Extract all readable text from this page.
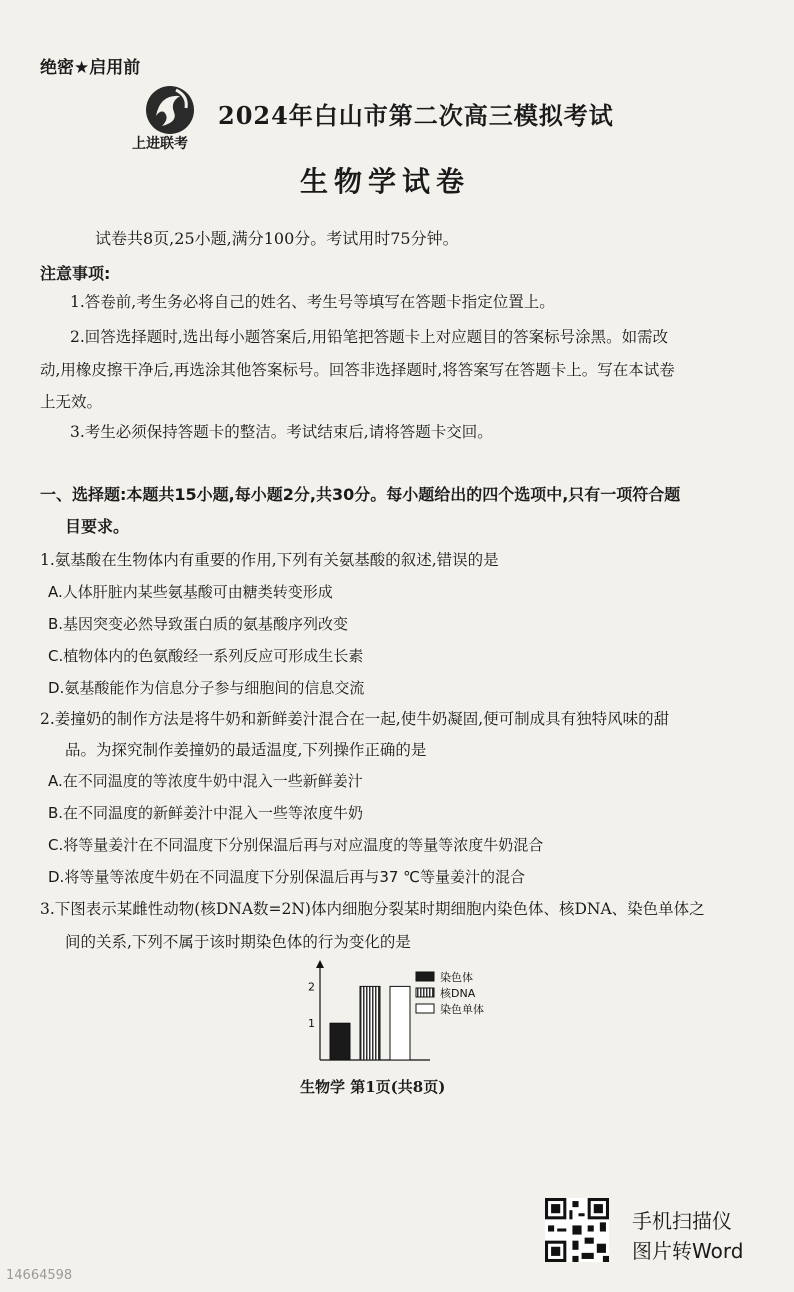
绝密★启用前
上进联考
2024年白山市第二次高三模拟考试
生物学试卷
试卷共8页,25小题,满分100分。考试用时75分钟。
注意事项:
1.答卷前,考生务必将自己的姓名、考生号等填写在答题卡指定位置上。
2.回答选择题时,选出每小题答案后,用铅笔把答题卡上对应题目的答案标号涂黑。如需改
动,用橡皮擦干净后,再选涂其他答案标号。回答非选择题时,将答案写在答题卡上。写在本试卷
上无效。
3.考生必须保持答题卡的整洁。考试结束后,请将答题卡交回。
一、选择题:本题共15小题,每小题2分,共30分。每小题给出的四个选项中,只有一项符合题
目要求。
1.氨基酸在生物体内有重要的作用,下列有关氨基酸的叙述,错误的是
A.人体肝脏内某些氨基酸可由糖类转变形成
B.基因突变必然导致蛋白质的氨基酸序列改变
C.植物体内的色氨酸经一系列反应可形成生长素
D.氨基酸能作为信息分子参与细胞间的信息交流
2.姜撞奶的制作方法是将牛奶和新鲜姜汁混合在一起,使牛奶凝固,便可制成具有独特风味的甜
品。为探究制作姜撞奶的最适温度,下列操作正确的是
A.在不同温度的等浓度牛奶中混入一些新鲜姜汁
B.在不同温度的新鲜姜汁中混入一些等浓度牛奶
C.将等量姜汁在不同温度下分别保温后再与对应温度的等量等浓度牛奶混合
D.将等量等浓度牛奶在不同温度下分别保温后再与37 ℃等量姜汁的混合
3.下图表示某雌性动物(核DNA数=2N)体内细胞分裂某时期细胞内染色体、核DNA、染色单体之
间的关系,下列不属于该时期染色体的行为变化的是
1
2
染色体
核DNA
染色单体
生物学 第1页(共8页)
手机扫描仪
图片转Word
14664598
